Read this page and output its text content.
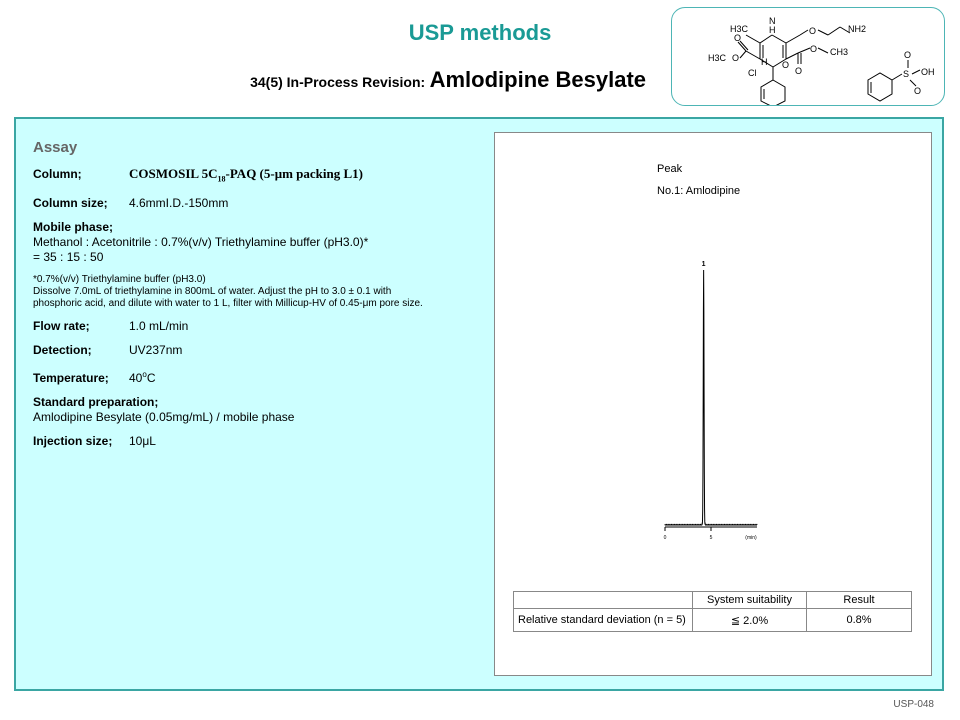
USP methods
34(5) In-Process Revision: Amlodipine Besylate
H3C
N
H	NH2
O
O
O CH3
H3C O
O
O
Cl
H
O
S OH
O
Assay
Column;	COSMOSIL $5C_{18}$-PAQ (5-μm packing L1)
Column size; 4.6mmI.D.-150mm
Mobile phase;
Methanol : Acetonitrile : 0.7%(v/v) Triethylamine buffer (pH3.0)*
= 35 : 15 : 50
*0.7%(v/v) Triethylamine buffer (pH3.0)
Dissolve 7.0mL of triethylamine in 800mL of water. Adjust the pH to 3.0 ± 0.1 with
phosphoric acid, and dilute with water to 1 L, filter with Millicup-HV of 0.45-μm pore size.
Flow rate;	1.0 mL/min
Detection;	UV237nm
Temperature; 40$^o$C
Standard preparation;
Amlodipine Besylate (0.05mg/mL) / mobile phase
Injection size; 10μL
Peak
No.1: Amlodipine
0	5	(min)
1
	System suitability	Result
Relative standard deviation (n = 5)	≦ 2.0%	0.8%
USP-048
